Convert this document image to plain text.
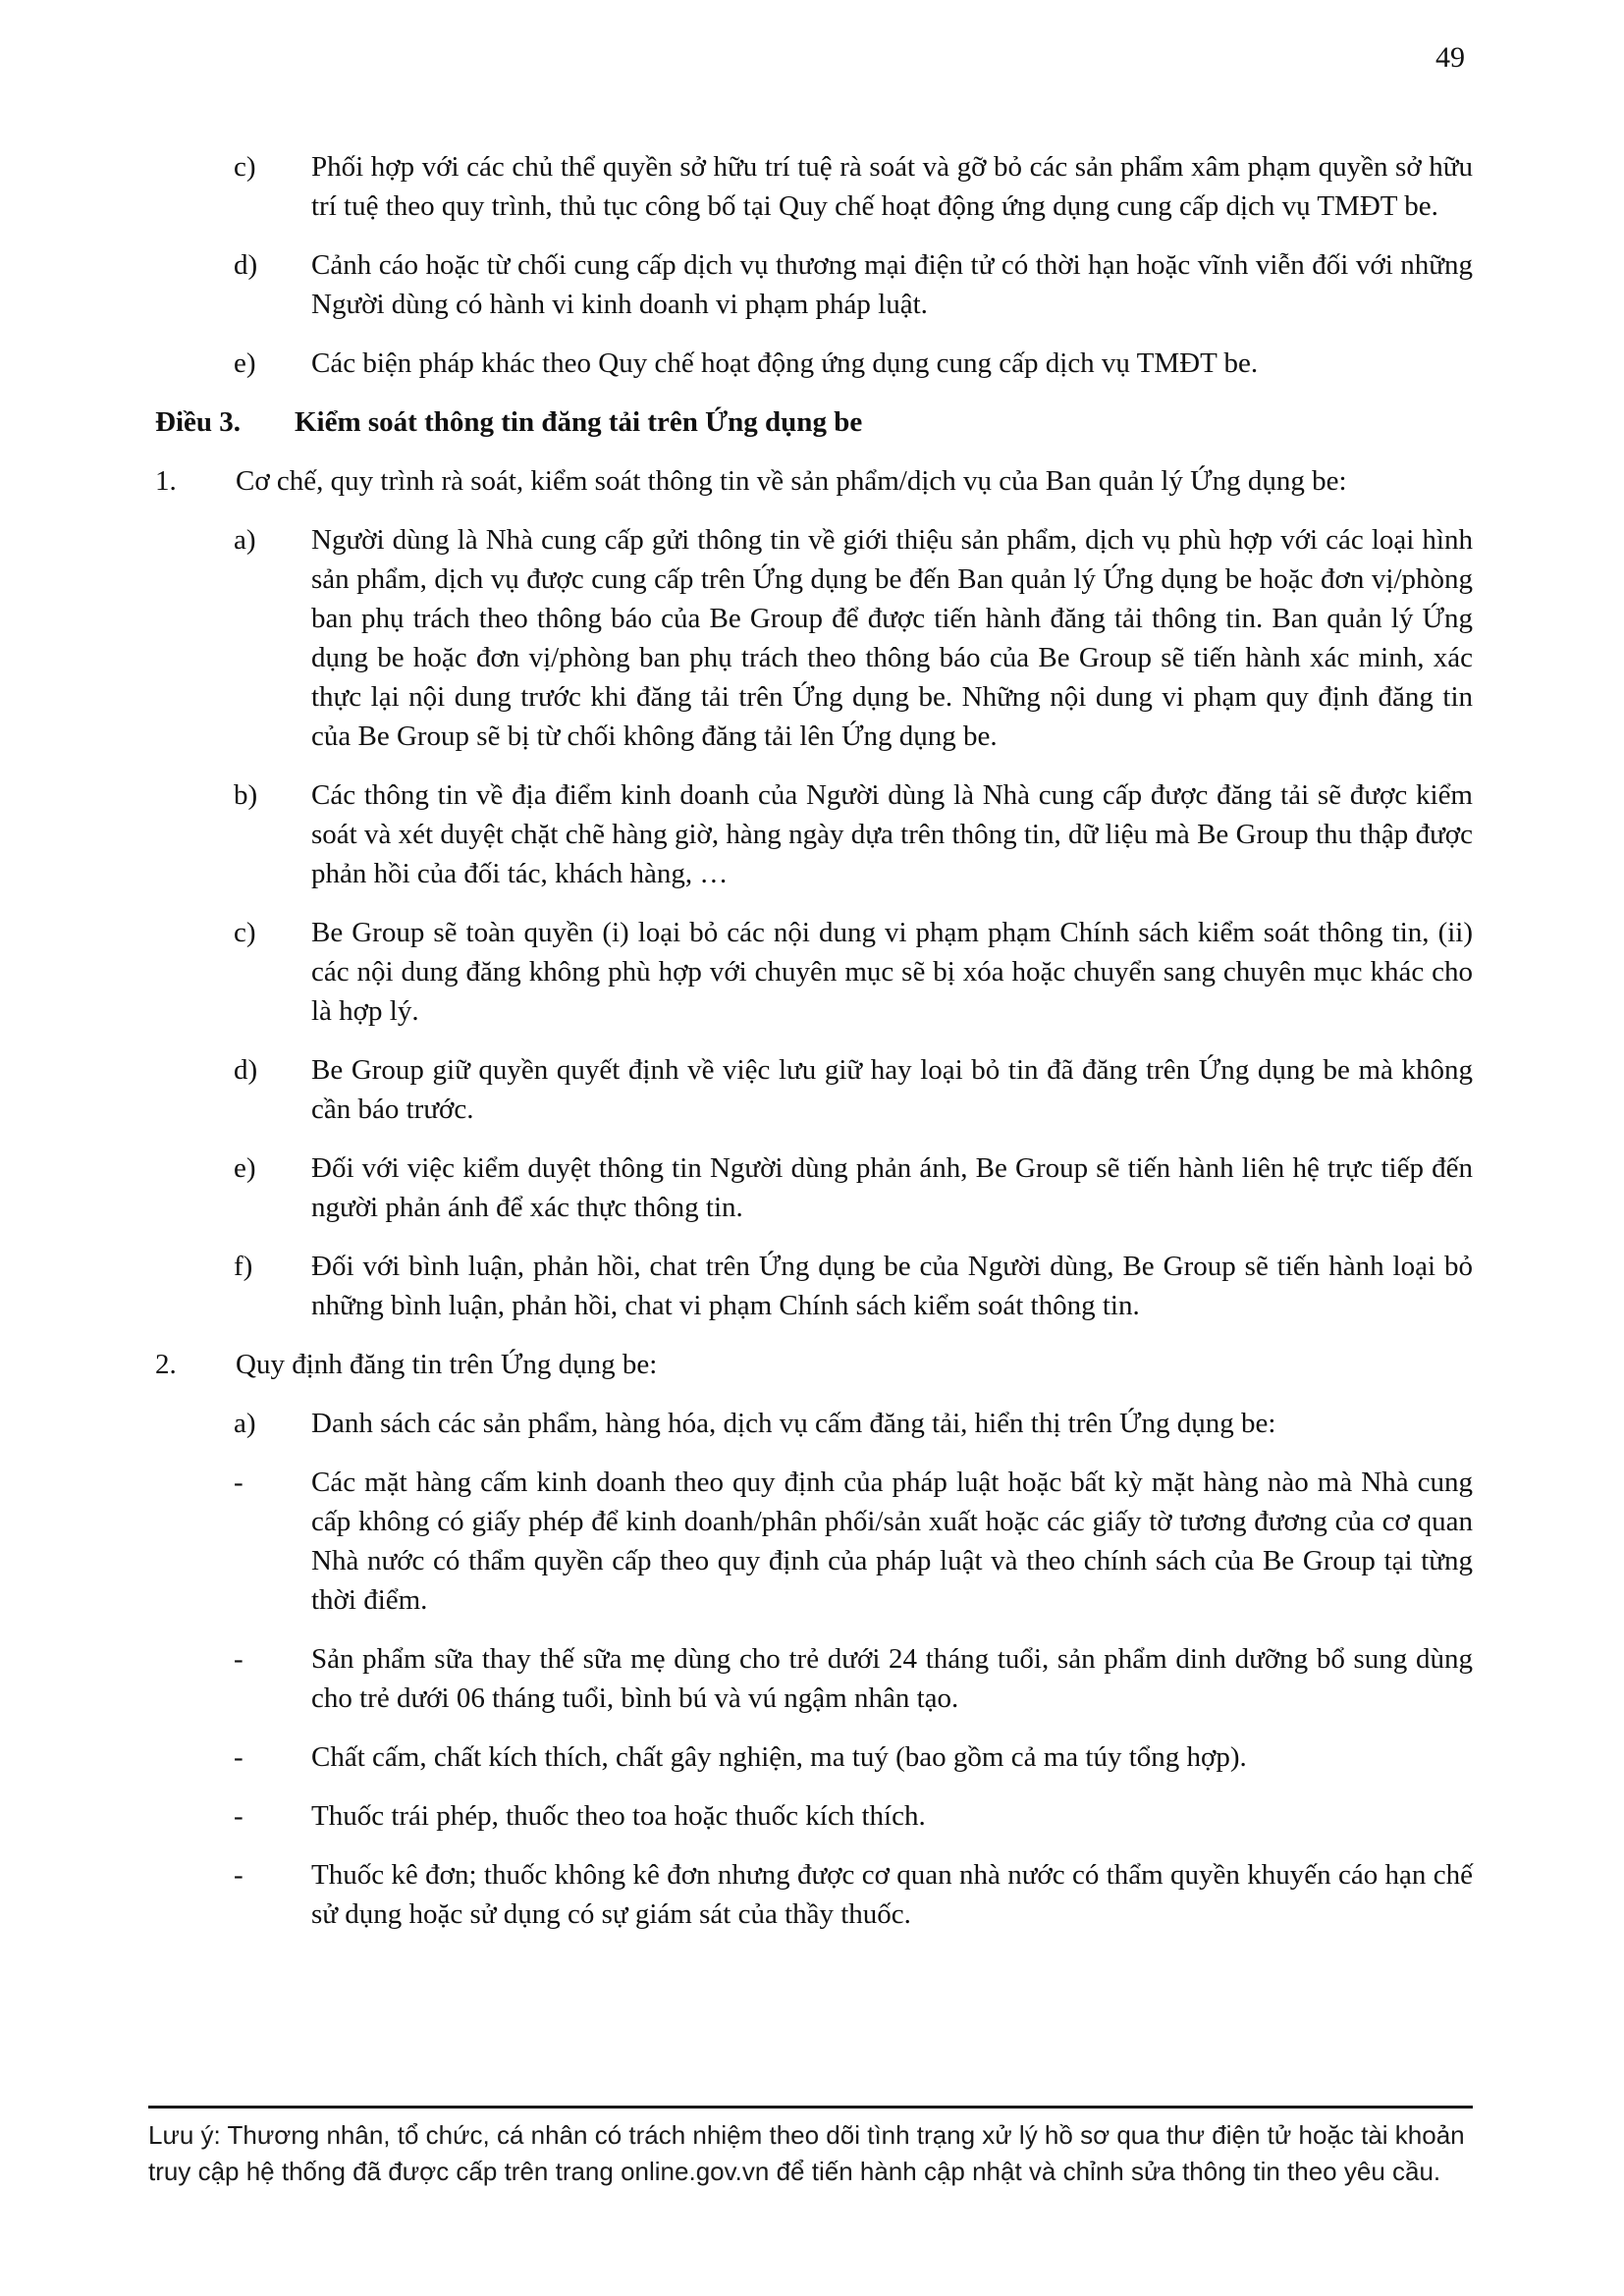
49
c)	Phối hợp với các chủ thể quyền sở hữu trí tuệ rà soát và gỡ bỏ các sản phẩm xâm phạm quyền sở hữu trí tuệ theo quy trình, thủ tục công bố tại Quy chế hoạt động ứng dụng cung cấp dịch vụ TMĐT be.
d)	Cảnh cáo hoặc từ chối cung cấp dịch vụ thương mại điện tử có thời hạn hoặc vĩnh viễn đối với những Người dùng có hành vi kinh doanh vi phạm pháp luật.
e)	Các biện pháp khác theo Quy chế hoạt động ứng dụng cung cấp dịch vụ TMĐT be.
Điều 3.	Kiểm soát thông tin đăng tải trên Ứng dụng be
1.	Cơ chế, quy trình rà soát, kiểm soát thông tin về sản phẩm/dịch vụ của Ban quản lý Ứng dụng be:
a)	Người dùng là Nhà cung cấp gửi thông tin về giới thiệu sản phẩm, dịch vụ phù hợp với các loại hình sản phẩm, dịch vụ được cung cấp trên Ứng dụng be đến Ban quản lý Ứng dụng be hoặc đơn vị/phòng ban phụ trách theo thông báo của Be Group để được tiến hành đăng tải thông tin. Ban quản lý Ứng dụng be hoặc đơn vị/phòng ban phụ trách theo thông báo của Be Group sẽ tiến hành xác minh, xác thực lại nội dung trước khi đăng tải trên Ứng dụng be. Những nội dung vi phạm quy định đăng tin của Be Group sẽ bị từ chối không đăng tải lên Ứng dụng be.
b)	Các thông tin về địa điểm kinh doanh của Người dùng là Nhà cung cấp được đăng tải sẽ được kiểm soát và xét duyệt chặt chẽ hàng giờ, hàng ngày dựa trên thông tin, dữ liệu mà Be Group thu thập được phản hồi của đối tác, khách hàng, …
c)	Be Group sẽ toàn quyền (i) loại bỏ các nội dung vi phạm phạm Chính sách kiểm soát thông tin, (ii) các nội dung đăng không phù hợp với chuyên mục sẽ bị xóa hoặc chuyển sang chuyên mục khác cho là hợp lý.
d)	Be Group giữ quyền quyết định về việc lưu giữ hay loại bỏ tin đã đăng trên Ứng dụng be mà không cần báo trước.
e)	Đối với việc kiểm duyệt thông tin Người dùng phản ánh, Be Group sẽ tiến hành liên hệ trực tiếp đến người phản ánh để xác thực thông tin.
f)	Đối với bình luận, phản hồi, chat trên Ứng dụng be của Người dùng, Be Group sẽ tiến hành loại bỏ những bình luận, phản hồi, chat vi phạm Chính sách kiểm soát thông tin.
2.	Quy định đăng tin trên Ứng dụng be:
a)	Danh sách các sản phẩm, hàng hóa, dịch vụ cấm đăng tải, hiển thị trên Ứng dụng be:
-	Các mặt hàng cấm kinh doanh theo quy định của pháp luật hoặc bất kỳ mặt hàng nào mà Nhà cung cấp không có giấy phép để kinh doanh/phân phối/sản xuất hoặc các giấy tờ tương đương của cơ quan Nhà nước có thẩm quyền cấp theo quy định của pháp luật và theo chính sách của Be Group tại từng thời điểm.
-	Sản phẩm sữa thay thế sữa mẹ dùng cho trẻ dưới 24 tháng tuổi, sản phẩm dinh dưỡng bổ sung dùng cho trẻ dưới 06 tháng tuổi, bình bú và vú ngậm nhân tạo.
-	Chất cấm, chất kích thích, chất gây nghiện, ma tuý (bao gồm cả ma túy tổng hợp).
-	Thuốc trái phép, thuốc theo toa hoặc thuốc kích thích.
-	Thuốc kê đơn; thuốc không kê đơn nhưng được cơ quan nhà nước có thẩm quyền khuyến cáo hạn chế sử dụng hoặc sử dụng có sự giám sát của thầy thuốc.
Lưu ý: Thương nhân, tổ chức, cá nhân có trách nhiệm theo dõi tình trạng xử lý hồ sơ qua thư điện tử hoặc tài khoản truy cập hệ thống đã được cấp trên trang online.gov.vn để tiến hành cập nhật và chỉnh sửa thông tin theo yêu cầu.
